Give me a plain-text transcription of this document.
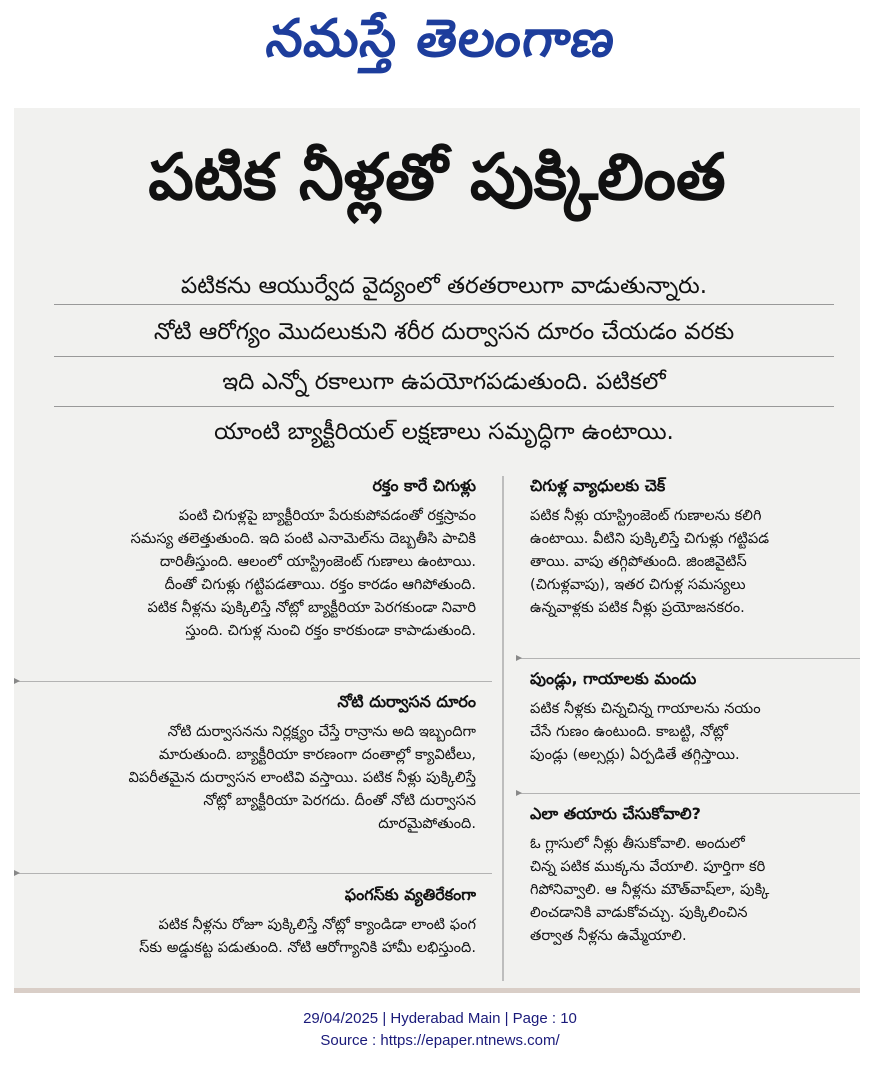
నమస్తే తెలంగాణ
పటిక నీళ్లతో పుక్కిలింత
పటికను ఆయుర్వేద వైద్యంలో తరతరాలుగా వాడుతున్నారు.
నోటి ఆరోగ్యం మొదలుకుని శరీర దుర్వాసన దూరం చేయడం వరకు
ఇది ఎన్నో రకాలుగా ఉపయోగపడుతుంది. పటికలో
యాంటి బ్యాక్టీరియల్ లక్షణాలు సమృద్ధిగా ఉంటాయి.
రక్తం కారే చిగుళ్లు
పంటి చిగుళ్లపై బ్యాక్టీరియా పేరుకుపోవడంతో రక్తస్రావం
సమస్య తలెత్తుతుంది. ఇది పంటి ఎనామెల్‌ను దెబ్బతీసి పాచికి
దారితీస్తుంది. ఆలంలో యాస్ట్రింజెంట్ గుణాలు ఉంటాయి.
దీంతో చిగుళ్లు గట్టిపడతాయి. రక్తం కారడం ఆగిపోతుంది.
పటిక నీళ్లను పుక్కిలిస్తే నోట్లో బ్యాక్టీరియా పెరగకుండా నివారి
స్తుంది. చిగుళ్ల నుంచి రక్తం కారకుండా కాపాడుతుంది.
నోటి దుర్వాసన దూరం
నోటి దుర్వాసనను నిర్లక్ష్యం చేస్తే రాన్రాను అది ఇబ్బందిగా
మారుతుంది. బ్యాక్టీరియా కారణంగా దంతాల్లో క్యావిటీలు,
విపరీతమైన దుర్వాసన లాంటివి వస్తాయి. పటిక నీళ్లు పుక్కిలిస్తే
నోట్లో బ్యాక్టీరియా పెరగదు. దీంతో నోటి దుర్వాసన
దూరమైపోతుంది.
ఫంగస్‌కు వ్యతిరేకంగా
పటిక నీళ్లను రోజూ పుక్కిలిస్తే నోట్లో క్యాండిడా లాంటి ఫంగ
స్‌కు అడ్డుకట్ట పడుతుంది. నోటి ఆరోగ్యానికి హామీ లభిస్తుంది.
చిగుళ్ల వ్యాధులకు చెక్
పటిక నీళ్లు యాస్ట్రింజెంట్ గుణాలను కలిగి
ఉంటాయి. వీటిని పుక్కిలిస్తే చిగుళ్లు గట్టిపడ
తాయి. వాపు తగ్గిపోతుంది. జింజివైటిస్
(చిగుళ్లవాపు), ఇతర చిగుళ్ల సమస్యలు
ఉన్నవాళ్లకు పటిక నీళ్లు ప్రయోజనకరం.
పుండ్లు, గాయాలకు మందు
పటిక నీళ్లకు చిన్నచిన్న గాయాలను నయం
చేసే గుణం ఉంటుంది. కాబట్టి, నోట్లో
పుండ్లు (అల్సర్లు) ఏర్పడితే తగ్గిస్తాయి.
ఎలా తయారు చేసుకోవాలి?
ఓ గ్లాసులో నీళ్లు తీసుకోవాలి. అందులో
చిన్న పటిక ముక్కను వేయాలి. పూర్తిగా కరి
గిపోనివ్వాలి. ఆ నీళ్లను మౌత్‌వాష్‌లా, పుక్కి
లించడానికి వాడుకోవచ్చు. పుక్కిలించిన
తర్వాత నీళ్లను ఉమ్మేయాలి.
29/04/2025 | Hyderabad Main | Page : 10
Source : https://epaper.ntnews.com/
